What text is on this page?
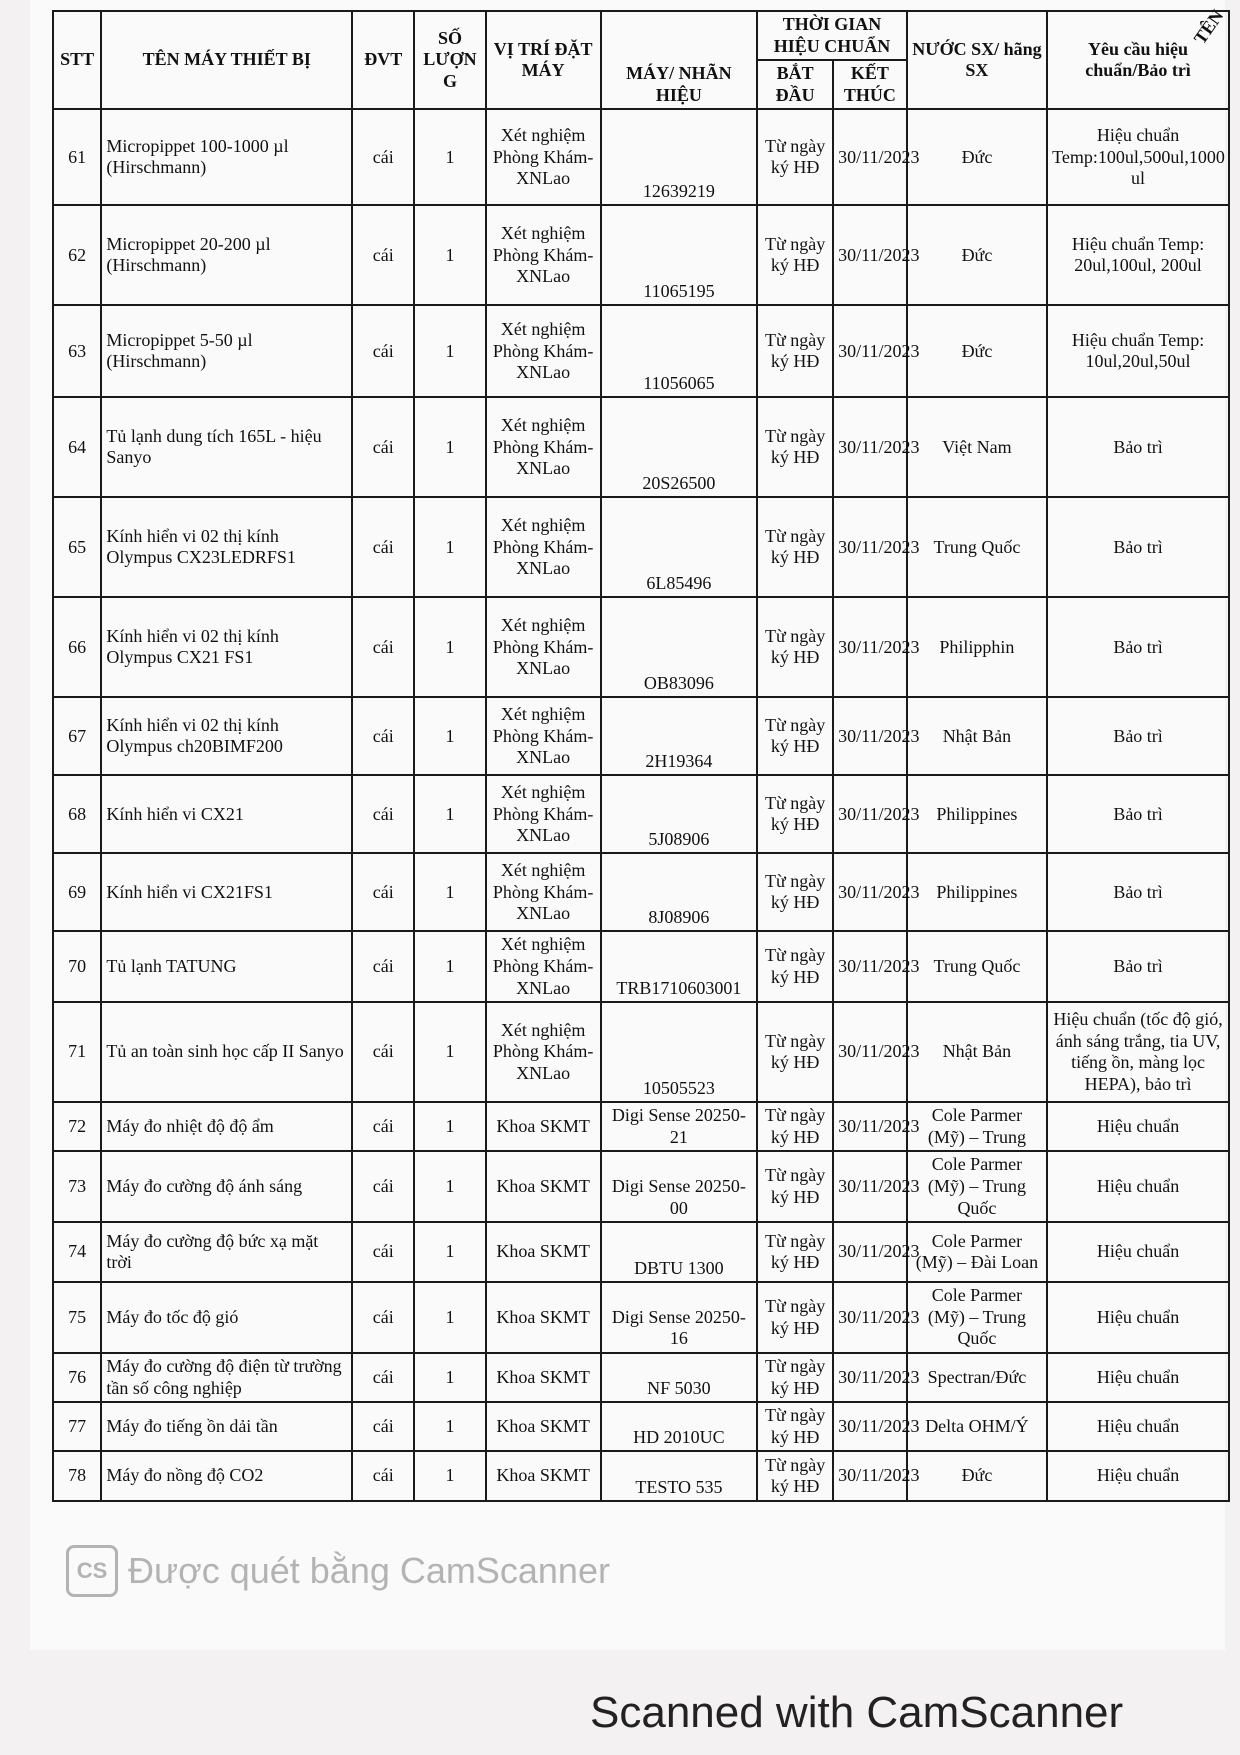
STT	TÊN MÁY THIẾT BỊ	ĐVT	SỐ LƯỢN G	VỊ TRÍ ĐẶT MÁY	MÁY/ NHÃN HIỆU	THỜI GIAN HIỆU CHUẨN		NƯỚC SX/ hãng SX	Yêu cầu hiệu chuẩn/Bảo trì
						BẮT ĐẦU	KẾT THÚC		
61	Micropippet 100-1000 µl (Hirschmann)	cái	1	Xét nghiệm Phòng Khám-XNLao	12639219	Từ ngày ký HĐ	30/11/2023	Đức	Hiệu chuẩn Temp:100ul,500ul,1000 ul
62	Micropippet 20-200 µl (Hirschmann)	cái	1	Xét nghiệm Phòng Khám-XNLao	11065195	Từ ngày ký HĐ	30/11/2023	Đức	Hiệu chuẩn Temp: 20ul,100ul, 200ul
63	Micropippet 5-50 µl (Hirschmann)	cái	1	Xét nghiệm Phòng Khám-XNLao	11056065	Từ ngày ký HĐ	30/11/2023	Đức	Hiệu chuẩn Temp: 10ul,20ul,50ul
64	Tủ lạnh dung tích 165L - hiệu Sanyo	cái	1	Xét nghiệm Phòng Khám-XNLao	20S26500	Từ ngày ký HĐ	30/11/2023	Việt Nam	Bảo trì
65	Kính hiển vi 02 thị kính Olympus CX23LEDRFS1	cái	1	Xét nghiệm Phòng Khám-XNLao	6L85496	Từ ngày ký HĐ	30/11/2023	Trung Quốc	Bảo trì
66	Kính hiển vi 02 thị kính Olympus CX21 FS1	cái	1	Xét nghiệm Phòng Khám-XNLao	OB83096	Từ ngày ký HĐ	30/11/2023	Philipphin	Bảo trì
67	Kính hiển vi 02 thị kính Olympus ch20BIMF200	cái	1	Xét nghiệm Phòng Khám-XNLao	2H19364	Từ ngày ký HĐ	30/11/2023	Nhật Bản	Bảo trì
68	Kính hiển vi CX21	cái	1	Xét nghiệm Phòng Khám-XNLao	5J08906	Từ ngày ký HĐ	30/11/2023	Philippines	Bảo trì
69	Kính hiển vi CX21FS1	cái	1	Xét nghiệm Phòng Khám-XNLao	8J08906	Từ ngày ký HĐ	30/11/2023	Philippines	Bảo trì
70	Tủ lạnh TATUNG	cái	1	Xét nghiệm Phòng Khám-XNLao	TRB1710603001	Từ ngày ký HĐ	30/11/2023	Trung Quốc	Bảo trì
71	Tủ an toàn sinh học cấp II Sanyo	cái	1	Xét nghiệm Phòng Khám-XNLao	10505523	Từ ngày ký HĐ	30/11/2023	Nhật Bản	Hiệu chuẩn (tốc độ gió, ánh sáng trắng, tia UV, tiếng ồn, màng lọc HEPA), bảo trì
72	Máy đo nhiệt độ độ ẩm	cái	1	Khoa SKMT	Digi Sense 20250-21	Từ ngày ký HĐ	30/11/2023	Cole Parmer (Mỹ) – Trung	Hiệu chuẩn
73	Máy đo cường độ ánh sáng	cái	1	Khoa SKMT	Digi Sense 20250-00	Từ ngày ký HĐ	30/11/2023	Cole Parmer (Mỹ) – Trung Quốc	Hiệu chuẩn
74	Máy đo cường độ bức xạ mặt trời	cái	1	Khoa SKMT	DBTU 1300	Từ ngày ký HĐ	30/11/2023	Cole Parmer (Mỹ) – Đài Loan	Hiệu chuẩn
75	Máy đo tốc độ gió	cái	1	Khoa SKMT	Digi Sense 20250-16	Từ ngày ký HĐ	30/11/2023	Cole Parmer (Mỹ) – Trung Quốc	Hiệu chuẩn
76	Máy đo cường độ điện từ trường tần số công nghiệp	cái	1	Khoa SKMT	NF 5030	Từ ngày ký HĐ	30/11/2023	Spectran/Đức	Hiệu chuẩn
77	Máy đo tiếng ồn dải tần	cái	1	Khoa SKMT	HD 2010UC	Từ ngày ký HĐ	30/11/2023	Delta OHM/Ý	Hiệu chuẩn
78	Máy đo nồng độ CO2	cái	1	Khoa SKMT	TESTO 535	Từ ngày ký HĐ	30/11/2023	Đức	Hiệu chuẩn
TÊN
CS Được quét bằng CamScanner
Scanned with CamScanner
